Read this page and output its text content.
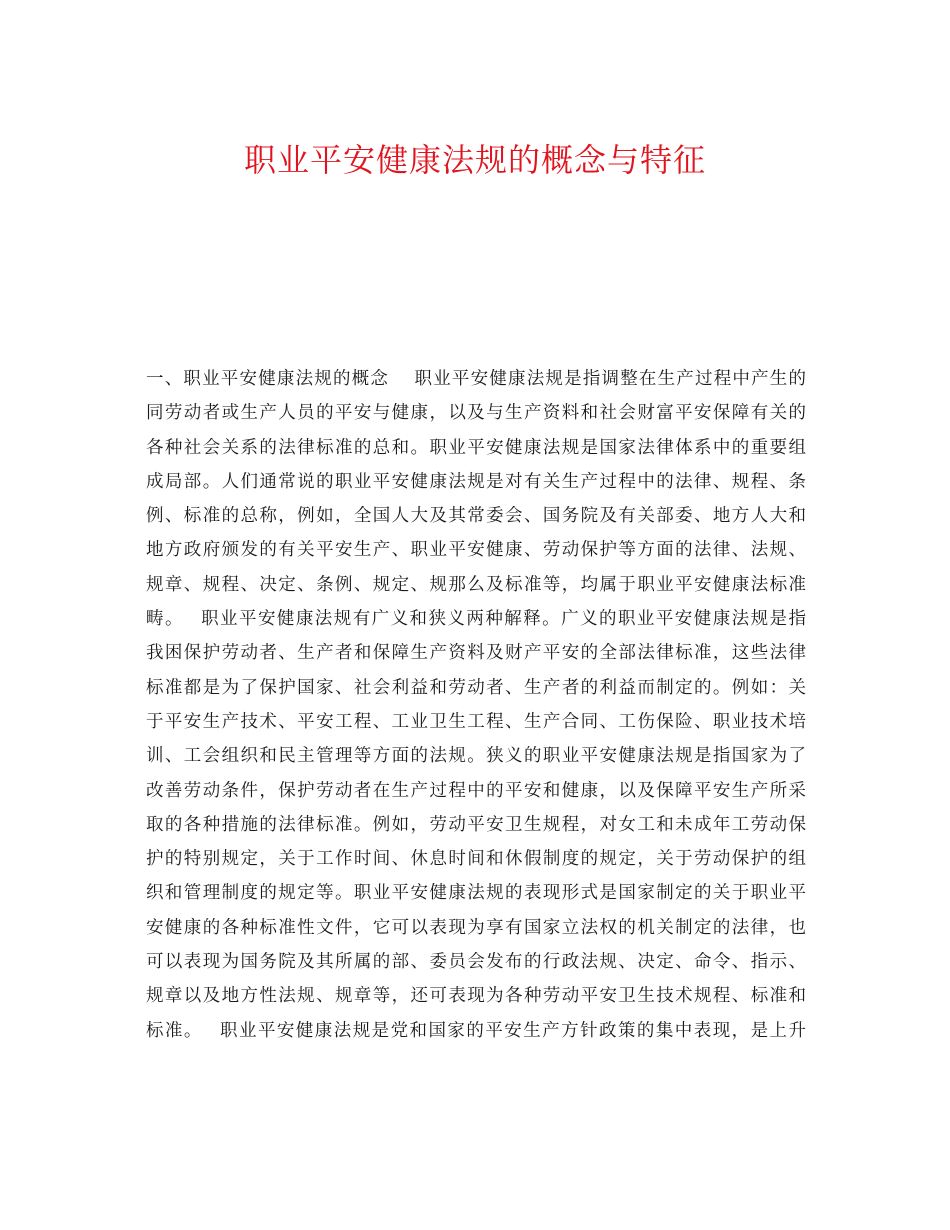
职业平安健康法规的概念与特征
一、职业平安健康法规的概念　 职业平安健康法规是指调整在生产过程中产生的
同劳动者或生产人员的平安与健康，以及与生产资料和社会财富平安保障有关的
各种社会关系的法律标准的总和。职业平安健康法规是国家法律体系中的重要组
成局部。人们通常说的职业平安健康法规是对有关生产过程中的法律、规程、条
例、标准的总称，例如，全国人大及其常委会、国务院及有关部委、地方人大和
地方政府颁发的有关平安生产、职业平安健康、劳动保护等方面的法律、法规、
规章、规程、决定、条例、规定、规那么及标准等，均属于职业平安健康法标准
畴。　 职业平安健康法规有广义和狭义两种解释。广义的职业平安健康法规是指
我困保护劳动者、生产者和保障生产资料及财产平安的全部法律标准，这些法律
标准都是为了保护国家、社会利益和劳动者、生产者的利益而制定的。例如：关
于平安生产技术、平安工程、工业卫生工程、生产合同、工伤保险、职业技术培
训、工会组织和民主管理等方面的法规。狭义的职业平安健康法规是指国家为了
改善劳动条件，保护劳动者在生产过程中的平安和健康，以及保障平安生产所采
取的各种措施的法律标准。例如，劳动平安卫生规程，对女工和未成年工劳动保
护的特别规定，关于工作时间、休息时间和休假制度的规定，关于劳动保护的组
织和管理制度的规定等。职业平安健康法规的表现形式是国家制定的关于职业平
安健康的各种标准性文件，它可以表现为享有国家立法权的机关制定的法律，也
可以表现为国务院及其所属的部、委员会发布的行政法规、决定、命令、指示、
规章以及地方性法规、规章等，还可表现为各种劳动平安卫生技术规程、标准和
标准。　 职业平安健康法规是党和国家的平安生产方针政策的集中表现，是上升
